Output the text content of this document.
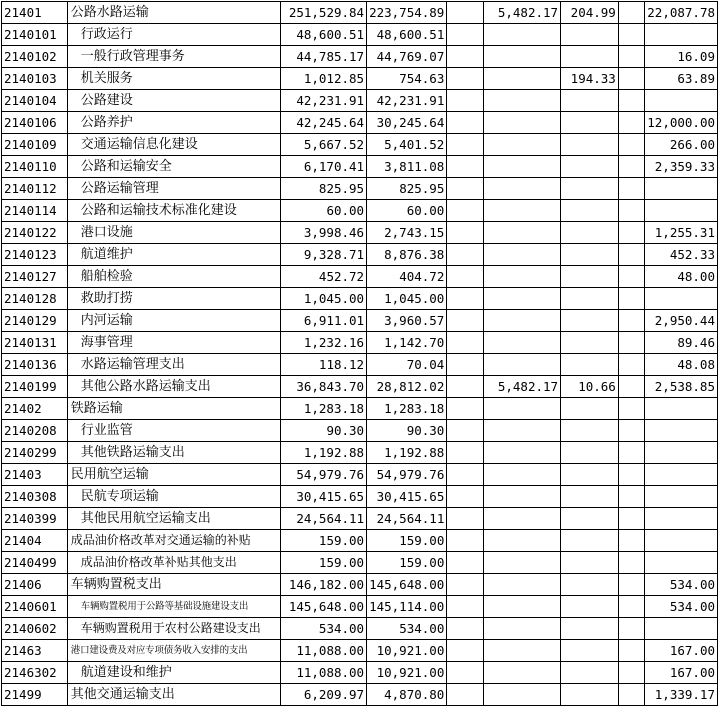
21401	公路水路运输	251,529.84	223,754.89		5,482.17	204.99		22,087.78
2140101	行政运行	48,600.51	48,600.51					
2140102	一般行政管理事务	44,785.17	44,769.07					16.09
2140103	机关服务	1,012.85	754.63			194.33		63.89
2140104	公路建设	42,231.91	42,231.91					
2140106	公路养护	42,245.64	30,245.64					12,000.00
2140109	交通运输信息化建设	5,667.52	5,401.52					266.00
2140110	公路和运输安全	6,170.41	3,811.08					2,359.33
2140112	公路运输管理	825.95	825.95					
2140114	公路和运输技术标准化建设	60.00	60.00					
2140122	港口设施	3,998.46	2,743.15					1,255.31
2140123	航道维护	9,328.71	8,876.38					452.33
2140127	船舶检验	452.72	404.72					48.00
2140128	救助打捞	1,045.00	1,045.00					
2140129	内河运输	6,911.01	3,960.57					2,950.44
2140131	海事管理	1,232.16	1,142.70					89.46
2140136	水路运输管理支出	118.12	70.04					48.08
2140199	其他公路水路运输支出	36,843.70	28,812.02		5,482.17	10.66		2,538.85
21402	铁路运输	1,283.18	1,283.18					
2140208	行业监管	90.30	90.30					
2140299	其他铁路运输支出	1,192.88	1,192.88					
21403	民用航空运输	54,979.76	54,979.76					
2140308	民航专项运输	30,415.65	30,415.65					
2140399	其他民用航空运输支出	24,564.11	24,564.11					
21404	成品油价格改革对交通运输的补贴	159.00	159.00					
2140499	成品油价格改革补贴其他支出	159.00	159.00					
21406	车辆购置税支出	146,182.00	145,648.00					534.00
2140601	车辆购置税用于公路等基础设施建设支出	145,648.00	145,114.00					534.00
2140602	车辆购置税用于农村公路建设支出	534.00	534.00					
21463	港口建设费及对应专项债务收入安排的支出	11,088.00	10,921.00					167.00
2146302	航道建设和维护	11,088.00	10,921.00					167.00
21499	其他交通运输支出	6,209.97	4,870.80					1,339.17
